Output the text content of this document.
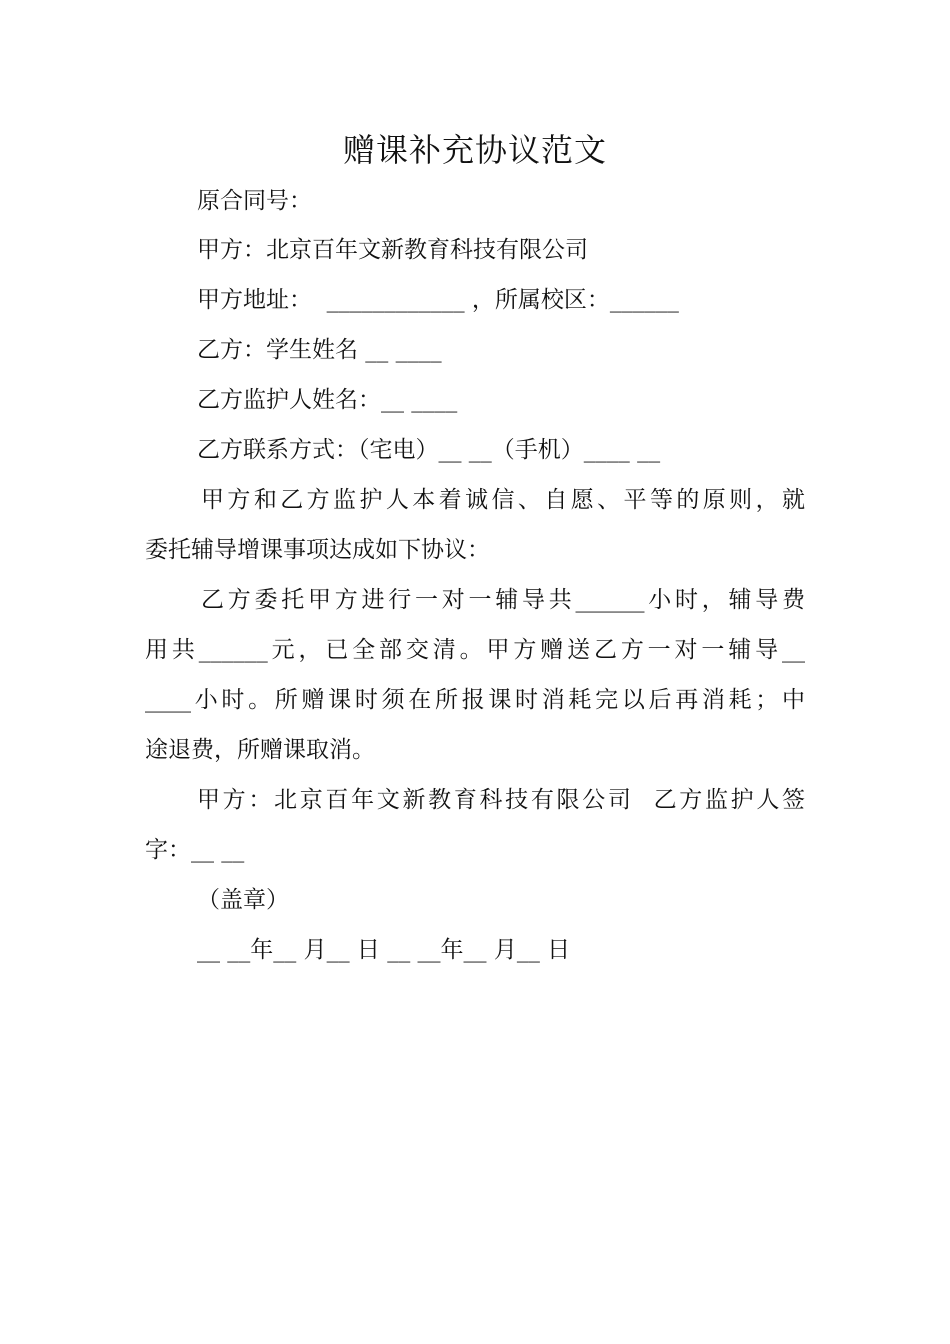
赠课补充协议范文
原合同号：
甲方：北京百年文新教育科技有限公司
甲方地址：  ____________ ，所属校区：______
乙方：学生姓名 __ ____
乙方监护人姓名：__ ____
乙方联系方式：（宅电）__ __（手机）____ __
甲方和乙方监护人本着诚信、自愿、平等的原则，就
委托辅导增课事项达成如下协议：
乙方委托甲方进行一对一辅导共______小时，辅导费
用共______元，已全部交清。甲方赠送乙方一对一辅导__
____小时。所赠课时须在所报课时消耗完以后再消耗；中
途退费，所赠课取消。
甲方：北京百年文新教育科技有限公司  乙方监护人签
字：__ __
（盖章）
__ __年__ 月__ 日 __ __年__ 月__ 日
